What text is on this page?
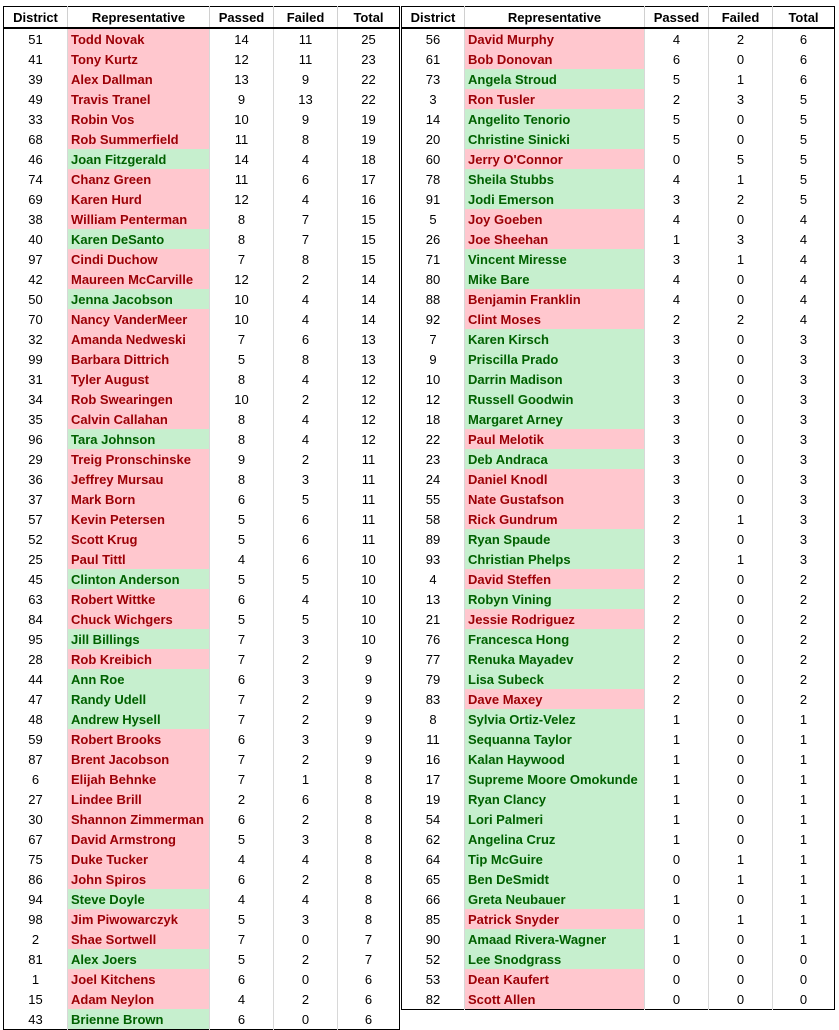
District	Representative	Passed	Failed	Total
51	Todd Novak	14	11	25
41	Tony Kurtz	12	11	23
39	Alex Dallman	13	9	22
49	Travis Tranel	9	13	22
33	Robin Vos	10	9	19
68	Rob Summerfield	11	8	19
46	Joan Fitzgerald	14	4	18
74	Chanz Green	11	6	17
69	Karen Hurd	12	4	16
38	William Penterman	8	7	15
40	Karen DeSanto	8	7	15
97	Cindi Duchow	7	8	15
42	Maureen McCarville	12	2	14
50	Jenna Jacobson	10	4	14
70	Nancy VanderMeer	10	4	14
32	Amanda Nedweski	7	6	13
99	Barbara Dittrich	5	8	13
31	Tyler August	8	4	12
34	Rob Swearingen	10	2	12
35	Calvin Callahan	8	4	12
96	Tara Johnson	8	4	12
29	Treig Pronschinske	9	2	11
36	Jeffrey Mursau	8	3	11
37	Mark Born	6	5	11
57	Kevin Petersen	5	6	11
52	Scott Krug	5	6	11
25	Paul Tittl	4	6	10
45	Clinton Anderson	5	5	10
63	Robert Wittke	6	4	10
84	Chuck Wichgers	5	5	10
95	Jill Billings	7	3	10
28	Rob Kreibich	7	2	9
44	Ann Roe	6	3	9
47	Randy Udell	7	2	9
48	Andrew Hysell	7	2	9
59	Robert Brooks	6	3	9
87	Brent Jacobson	7	2	9
6	Elijah Behnke	7	1	8
27	Lindee Brill	2	6	8
30	Shannon Zimmerman	6	2	8
67	David Armstrong	5	3	8
75	Duke Tucker	4	4	8
86	John Spiros	6	2	8
94	Steve Doyle	4	4	8
98	Jim Piwowarczyk	5	3	8
2	Shae Sortwell	7	0	7
81	Alex Joers	5	2	7
1	Joel Kitchens	6	0	6
15	Adam Neylon	4	2	6
43	Brienne Brown	6	0	6
District	Representative	Passed	Failed	Total
56	David Murphy	4	2	6
61	Bob Donovan	6	0	6
73	Angela Stroud	5	1	6
3	Ron Tusler	2	3	5
14	Angelito Tenorio	5	0	5
20	Christine Sinicki	5	0	5
60	Jerry O'Connor	0	5	5
78	Sheila Stubbs	4	1	5
91	Jodi Emerson	3	2	5
5	Joy Goeben	4	0	4
26	Joe Sheehan	1	3	4
71	Vincent Miresse	3	1	4
80	Mike Bare	4	0	4
88	Benjamin Franklin	4	0	4
92	Clint Moses	2	2	4
7	Karen Kirsch	3	0	3
9	Priscilla Prado	3	0	3
10	Darrin Madison	3	0	3
12	Russell Goodwin	3	0	3
18	Margaret Arney	3	0	3
22	Paul Melotik	3	0	3
23	Deb Andraca	3	0	3
24	Daniel Knodl	3	0	3
55	Nate Gustafson	3	0	3
58	Rick Gundrum	2	1	3
89	Ryan Spaude	3	0	3
93	Christian Phelps	2	1	3
4	David Steffen	2	0	2
13	Robyn Vining	2	0	2
21	Jessie Rodriguez	2	0	2
76	Francesca Hong	2	0	2
77	Renuka Mayadev	2	0	2
79	Lisa Subeck	2	0	2
83	Dave Maxey	2	0	2
8	Sylvia Ortiz-Velez	1	0	1
11	Sequanna Taylor	1	0	1
16	Kalan Haywood	1	0	1
17	Supreme Moore Omokunde	1	0	1
19	Ryan Clancy	1	0	1
54	Lori Palmeri	1	0	1
62	Angelina Cruz	1	0	1
64	Tip McGuire	0	1	1
65	Ben DeSmidt	0	1	1
66	Greta Neubauer	1	0	1
85	Patrick Snyder	0	1	1
90	Amaad Rivera-Wagner	1	0	1
52	Lee Snodgrass	0	0	0
53	Dean Kaufert	0	0	0
82	Scott Allen	0	0	0
